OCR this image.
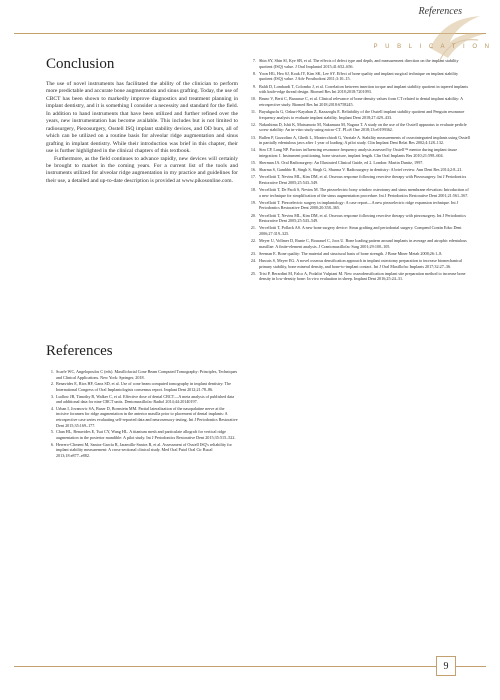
References
P U B L I C A T I O N
Conclusion

The use of novel instruments has facilitated the ability of the clinician to perform more predictable and accurate bone augmentation and sinus grafting. Today, the use of CBCT has been shown to markedly improve diagnostics and treatment planning in implant dentistry, and it is something I consider a necessity and standard for the field. In addition to hand instruments that have been utilized and further refined over the years, new instrumentation has become available. This includes but is not limited to radiosurgery, Piezosurgery, Osstell ISQ implant stability devices, and OD burs, all of which can be utilized on a routine basis for alveolar ridge augmentation and sinus grafting in implant dentistry. While their introduction was brief in this chapter, their use is further highlighted in the clinical chapters of this textbook.

Furthermore, as the field continues to advance rapidly, new devices will certainly be brought to market in the coming years. For a current list of the tools and instruments utilized for alveolar ridge augmentation in my practice and guidelines for their use, a detailed and up-to-date description is provided at www.pikosonline.com.

References
1. Scarfe WC, Angelopoulos C (eds). Maxillofacial Cone Beam Computed Tomography: Principles, Techniques and Clinical Applications. New York: Springer, 2018.
2. Benavides E, Rios HF, Ganz SD, et al. Use of cone beam computed tomography in implant dentistry: The International Congress of Oral Implantologists consensus report. Implant Dent 2012;21:78–86.
3. Ludlow JB, Timothy R, Walker C, et al. Effective dose of dental CBCT—A meta analysis of published data and additional data for nine CBCT units. Dentomaxillofac Radiol 2014;44:20140197.
4. Urban I, Jovanovic SA, Buser D, Bornstein MM. Partial lateralization of the nasopalatine nerve at the incisive foramen for ridge augmentation in the anterior maxilla prior to placement of dental implants: A retrospective case series evaluating self-reported data and neurosensory testing. Int J Periodontics Restorative Dent 2015;35:169–177.
5. Chan HL, Benavides E, Tsai CY, Wang HL. A titanium mesh and particulate allograft for vertical ridge augmentation in the posterior mandible: A pilot study. Int J Periodontics Restorative Dent 2015;35:515–522.
6. Herrero-Climent M, Santos-García R, Jaramillo-Santos R, et al. Assessment of Osstell ISQ's reliability for implant stability measurement: A cross-sectional clinical study. Med Oral Patol Oral Cir Bucal 2013;18:e877–e882.
7. Shin SY, Shin SI, Kye SB, et al. The effects of defect type and depth, and measurement direction on the implant stability quotient (ISQ) value. J Oral Implantol 2015;41:652–656.
8. Yoon HG, Heo SJ, Koak JY, Kim SK, Lee SY. Effect of bone quality and implant surgical technique on implant stability quotient (ISQ) value. J Adv Prosthodont 2011;3:10–15.
9. Baldi D, Lombardi T, Colombo J, et al. Correlation between insertion torque and implant stability quotient in tapered implants with knife-edge thread design. Biomed Res Int 2018;2018:7201093.
10. Bruno V, Berti C, Barausse C, et al. Clinical relevance of bone density values from CT related to dental implant stability: A retrospective study. Biomed Res Int 2018;2018:6758245.
11. Buyukguclu G, Ozkurt-Kayahan Z, Kazazoglu E. Reliability of the Osstell implant stability quotient and Penguin resonance frequency analysis to evaluate implant stability. Implant Dent 2018;27:429–433.
12. Nakashima D, Ishii K, Matsumoto M, Nakamura M, Nagura T. A study on the use of the Osstell apparatus to evaluate pedicle screw stability: An in-vitro study using micro-CT. PLoS One 2018;13:e0199362.
13. Bullen P, Gozzolino A, Gheili L, Montecchiodi G, Varriale A. Stability measurements of osseointegrated implants using Osstell in partially edentulous jaws after 1 year of loading: A pilot study. Clin Implant Dent Relat Res 2002;4:128–132.
14. Sim CP, Lang NP. Factors influencing resonance frequency analysis assessed by Osstell™ mentor during implant tissue integration: I. Instrument positioning, bone structure, implant length. Clin Oral Implants Res 2010;21:598–604.
15. Sherman JA. Oral Radiosurgery: An Illustrated Clinical Guide, ed 2. London: Martin Dunitz, 1997.
16. Sharma S, Gambhir R, Singh S, Singh G, Sharma V. Radiosurgery in dentistry: A brief review. Ann Dent Res 2014;2:8–21.
17. Vercellotti T, Nevins ML, Kim DM, et al. Osseous response following resective therapy with Piezosurgery. Int J Periodontics Restorative Dent 2005;25:543–549.
18. Vercellotti T, De Paoli S, Nevins M. The piezoelectric bony window osteotomy and sinus membrane elevation: Introduction of a new technique for simplification of the sinus augmentation procedure. Int J Periodontics Restorative Dent 2001;21:561–567.
19. Vercellotti T. Piezoelectric surgery in implantology: A case report—A new piezoelectric ridge expansion technique. Int J Periodontics Restorative Dent 2000;20:358–365.
20. Vercellotti T, Nevins ML, Kim DM, et al. Osseous response following resective therapy with piezosurgery. Int J Periodontics Restorative Dent 2005;25:543–549.
21. Vercellotti T, Pollack AS. A new bone surgery device: Sinus grafting and periodontal surgery. Compend Contin Educ Dent 2006;27:319–325.
22. Meyer U, Vollmer D, Runte C, Bourauel C, Joos U. Bone loading pattern around implants in average and atrophic edentulous maxillae: A finite-element analysis. J Craniomaxillofac Surg 2001;29:100–105.
23. Seeman E. Bone quality: The material and structural basis of bone strength. J Bone Miner Metab 2008;26:1–8.
24. Huwais S, Meyer EG. A novel osseous densification approach in implant osteotomy preparation to increase biomechanical primary stability, bone mineral density, and bone-to-implant contact. Int J Oral Maxillofac Implants 2017;32:27–36.
25. Trisi P, Berardini M, Falco A, Podaliri Vulpiani M. New osseodensification implant site preparation method to increase bone density in low-density bone: In vivo evaluation in sheep. Implant Dent 2016;25:24–31.
9
